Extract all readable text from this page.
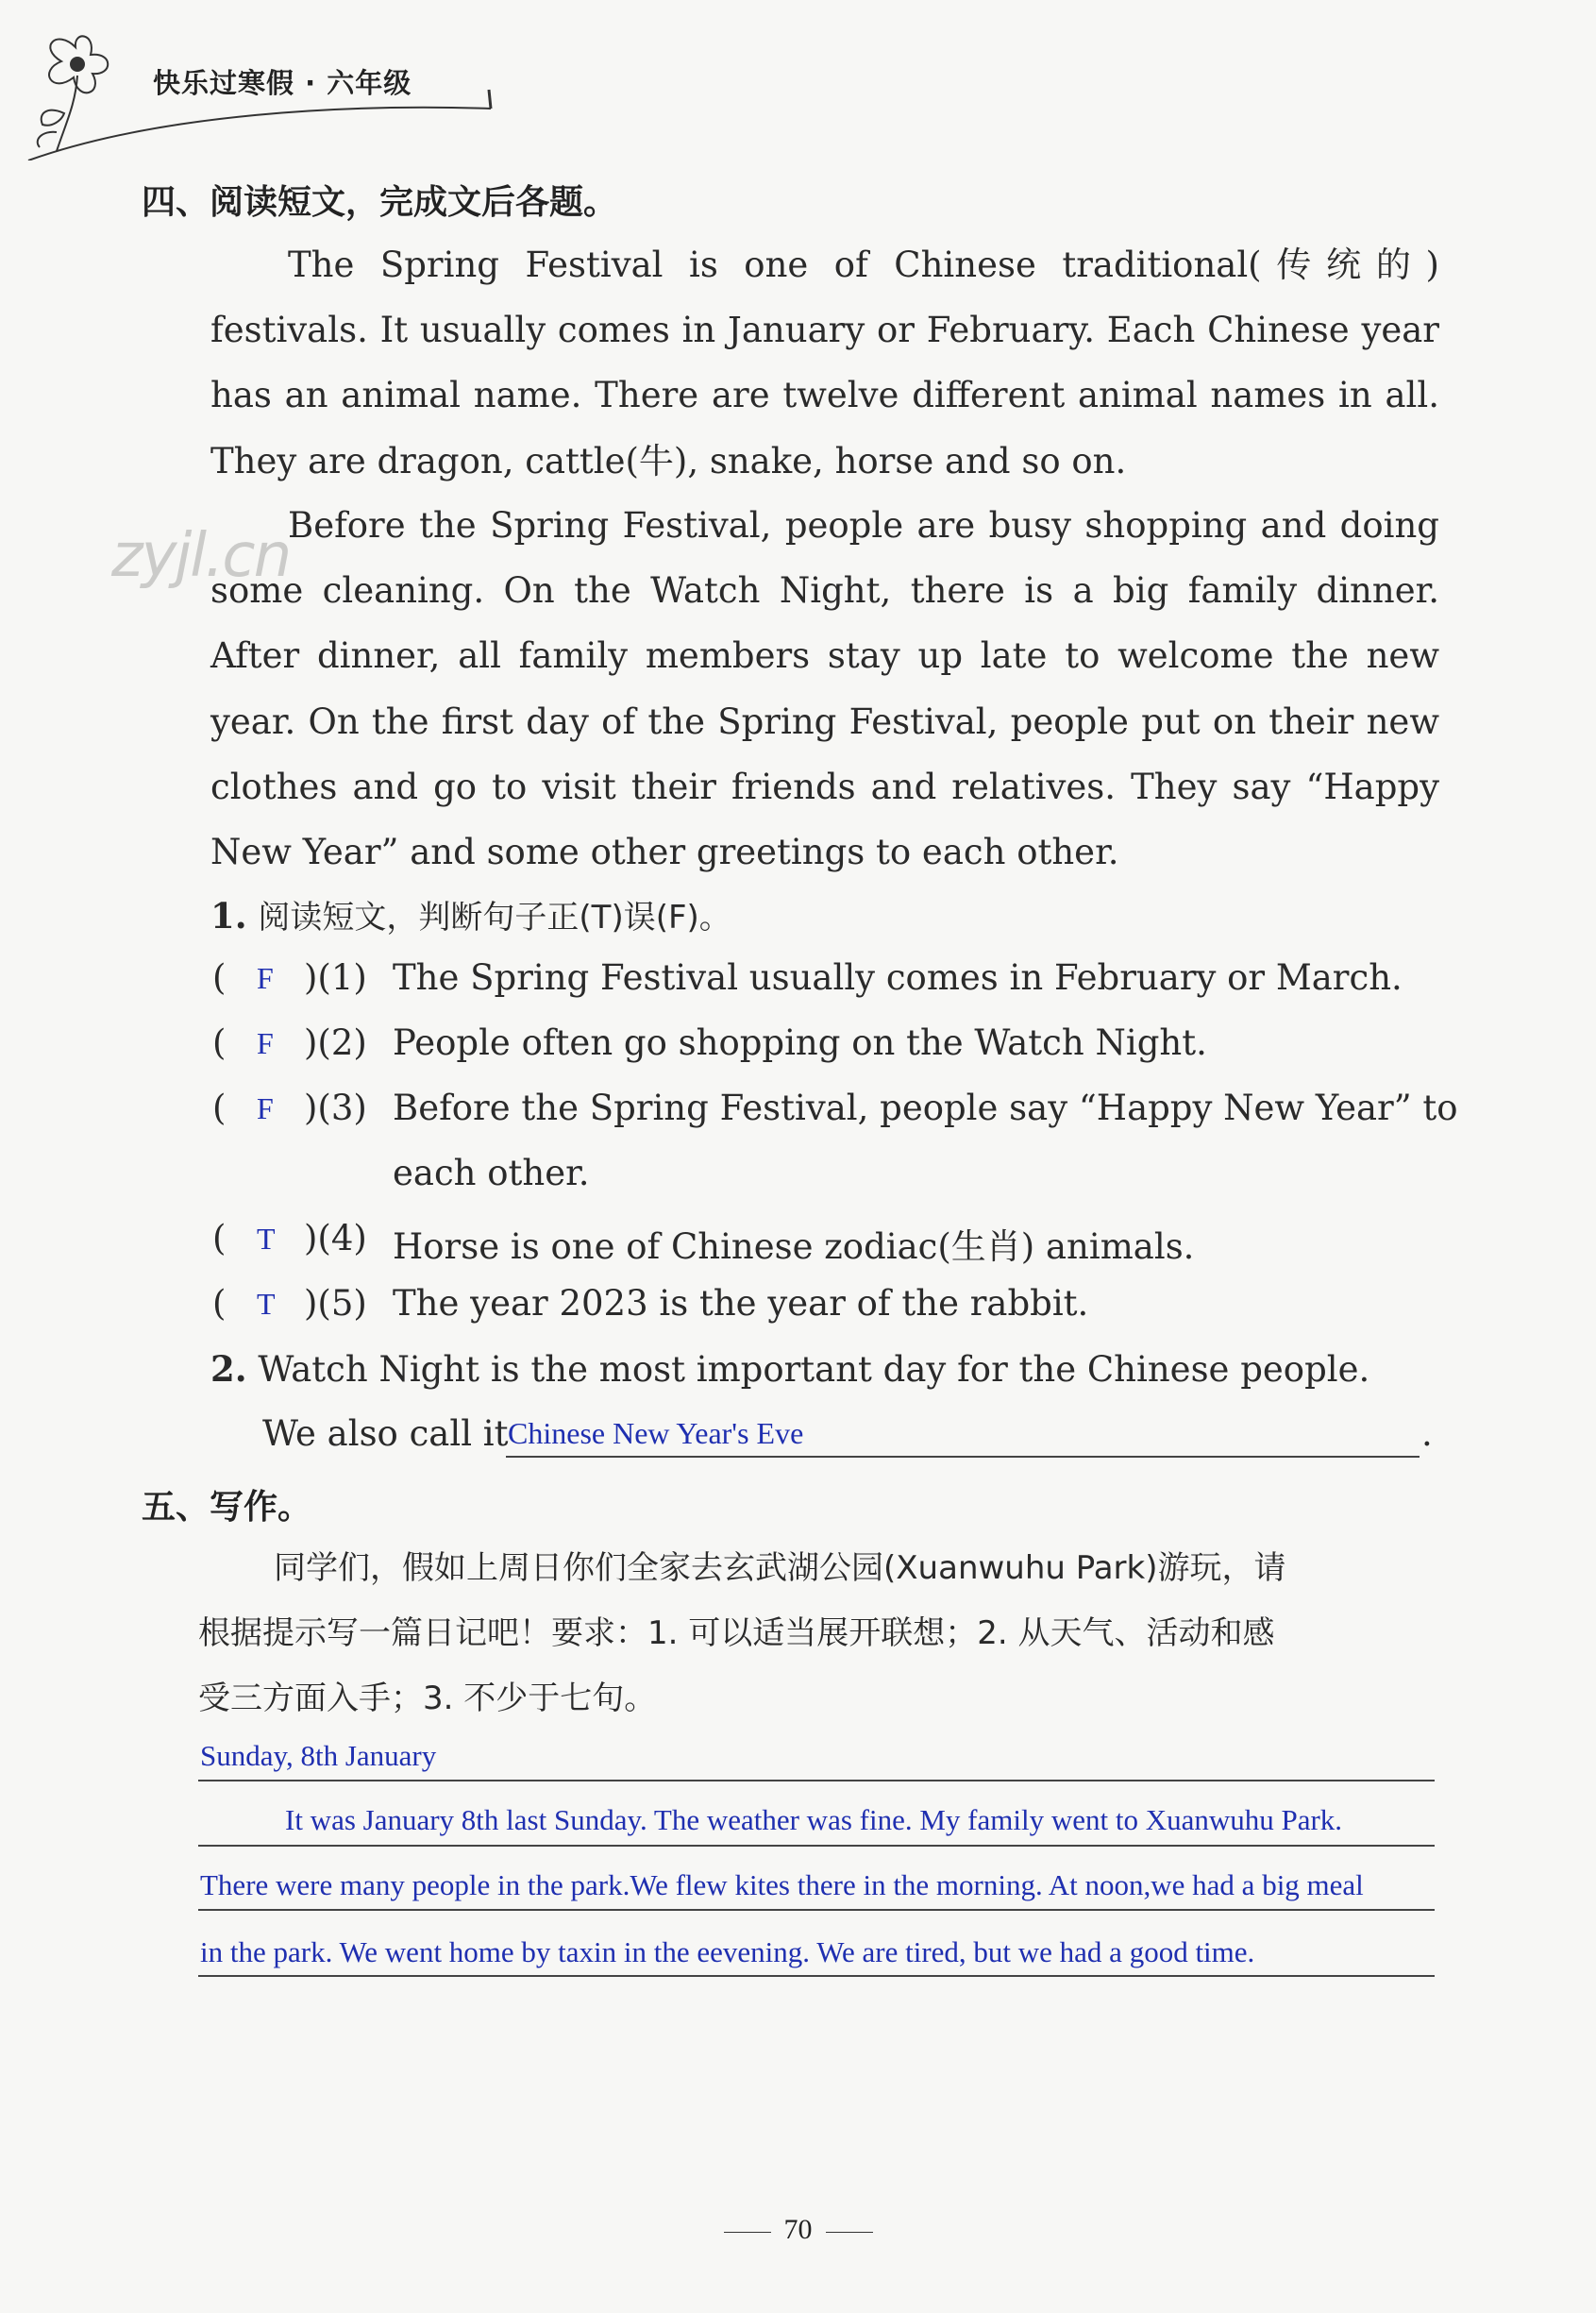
快乐过寒假 · 六年级
zyjl.cn
四、阅读短文，完成文后各题。
The Spring Festival is one of Chinese traditional(传统的) festivals. It usually comes in January or February. Each Chinese year has an animal name. There are twelve different animal names in all. They are dragon, cattle(牛), snake, horse and so on.
Before the Spring Festival, people are busy shopping and doing some cleaning. On the Watch Night, there is a big family dinner. After dinner, all family members stay up late to welcome the new year. On the first day of the Spring Festival, people put on their new clothes and go to visit their friends and relatives. They say “Happy New Year” and some other greetings to each other.
1. 阅读短文，判断句子正(T)误(F)。
( F )(1) The Spring Festival usually comes in February or March.
( F )(2) People often go shopping on the Watch Night.
( F )(3) Before the Spring Festival, people say “Happy New Year” to
each other.
( T )(4) Horse is one of Chinese zodiac(生肖) animals.
( T )(5) The year 2023 is the year of the rabbit.
2. Watch Night is the most important day for the Chinese people.
We also call it Chinese New Year's Eve	.
五、写作。
同学们，假如上周日你们全家去玄武湖公园(Xuanwuhu Park)游玩，请
根据提示写一篇日记吧！要求：1. 可以适当展开联想；2. 从天气、活动和感
受三方面入手；3. 不少于七句。
Sunday, 8th January
It was January 8th last Sunday. The weather was fine. My family went to Xuanwuhu Park.
There were many people in the park.We flew kites there in the morning. At noon,we had a big meal
in the park. We went home by taxin in the eevening. We are tired, but we had a good time.
70
